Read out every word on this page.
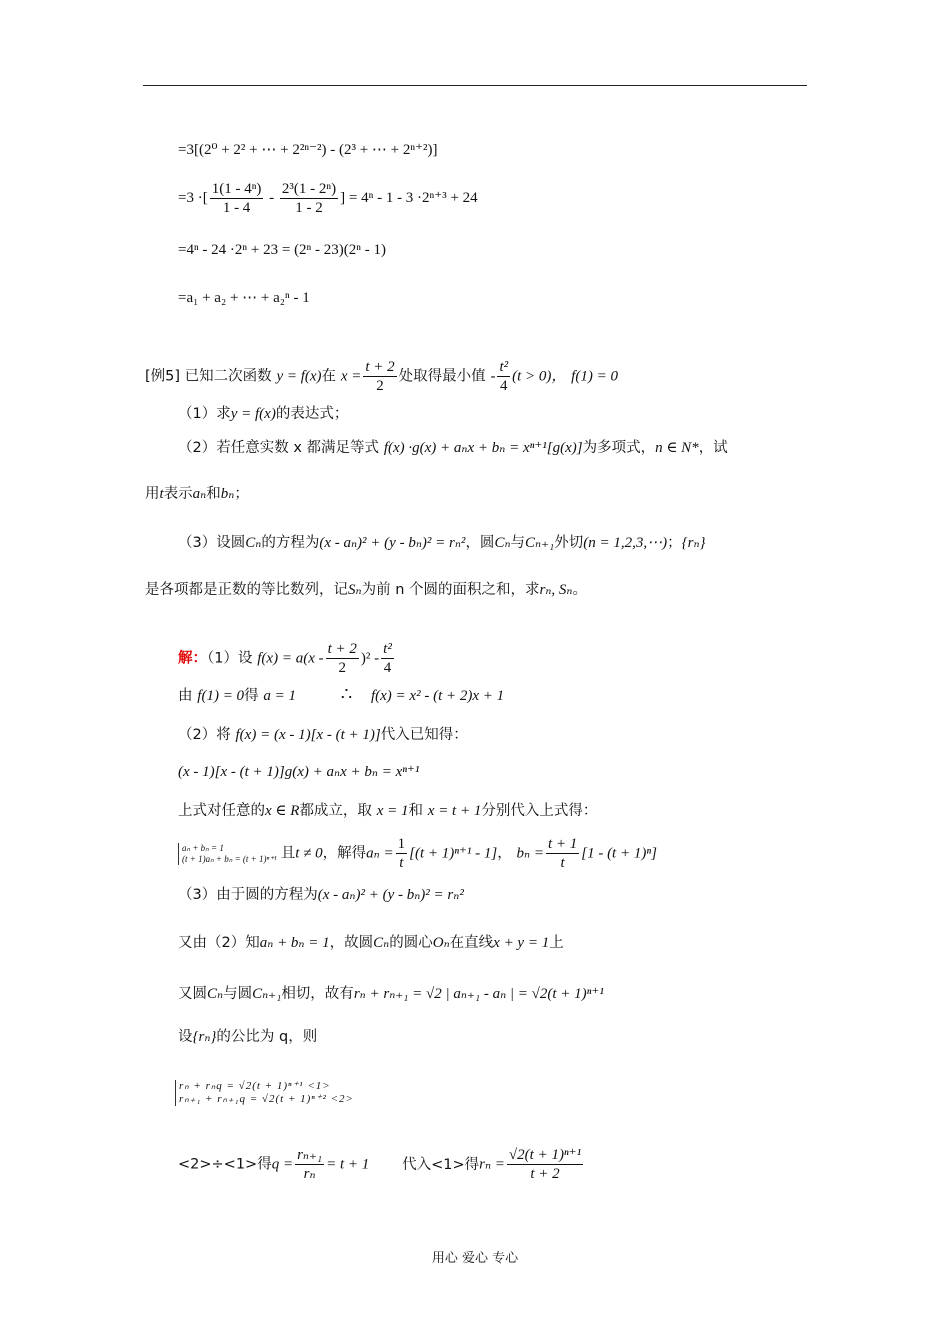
=3[(2⁰ + 2² + ⋯ + 2²ⁿ⁻²) - (2³ + ⋯ + 2ⁿ⁺²)]
=3 ·[ $\frac{\text{1(1 - 4ⁿ)}}{1 - 4} - \frac{\text{2³(1 - 2ⁿ)}}{1 - 2}$ ] = 4ⁿ - 1 - 3 ·2ⁿ⁺³ + 24
=4ⁿ - 24 ·2ⁿ + 23 = (2ⁿ - 23)(2ⁿ - 1)
=a₁ + a₂ + ⋯ + a₂ⁿ - 1
[例5] 已知二次函数 y = f(x)在 $x = \frac{t + 2}{2}$ 处取得最小值 - $\frac{\text{t²}}{4} (t > 0)$， f(1) = 0
（1）求y = f(x)的表达式；
（2）若任意实数 x 都满足等式 f(x) ·g(x) + aₙx + bₙ = xⁿ⁺¹[g(x)]为多项式，n ∈ N*，试
用t表示aₙ和bₙ；
（3）设圆Cₙ的方程为(x - aₙ)² + (y - bₙ)² = rₙ²，圆Cₙ与Cₙ₊₁外切(n = 1,2,3,⋯)；{rₙ}
是各项都是正数的等比数列，记Sₙ为前 n 个圆的面积之和，求rₙ, Sₙ。
解：（1）设 $f(x) = a(x - \frac{t + 2}{2} )^2 - \frac{\text{t²}}{4}$
由 f(1) = 0得 a = 1 ∴ f(x) = x² - (t + 2)x + 1
（2）将 f(x) = (x - 1)[x - (t + 1)]代入已知得：
(x - 1)[x - (t + 1)]g(x) + aₙx + bₙ = xⁿ⁺¹
上式对任意的x ∈ R都成立，取 x = 1和 x = t + 1分别代入上式得：
aₙ + bₙ = 1
(t + 1)aₙ + bₙ = (t + 1)ⁿ⁺¹ 且t ≠ 0，解得$a_n = \frac{1}{t} [(t + 1)^{n+1} - 1]$， $b_n = \frac{t + 1}{t} [1 - (t + 1)^n]$
（3）由于圆的方程为(x - aₙ)² + (y - bₙ)² = rₙ²
又由（2）知aₙ + bₙ = 1，故圆Cₙ的圆心Oₙ在直线x + y = 1上
又圆Cₙ与圆Cₙ₊₁相切，故有rₙ + rₙ₊₁ = √2 | aₙ₊₁ - aₙ | = √2(t + 1)ⁿ⁺¹
设{rₙ}的公比为 q，则
rₙ + rₙq = √2(t + 1)ⁿ⁺¹ <1>
rₙ₊₁ + rₙ₊₁q = √2(t + 1)ⁿ⁺² <2>
<2>÷<1>得$q = \frac{\text{rₙ₊₁}}{\text{rₙ}} = t + 1$ 代入<1>得$r_n = \frac{\text{√2(t + 1)ⁿ⁺¹}}{t + 2}$
用心 爱心 专心
